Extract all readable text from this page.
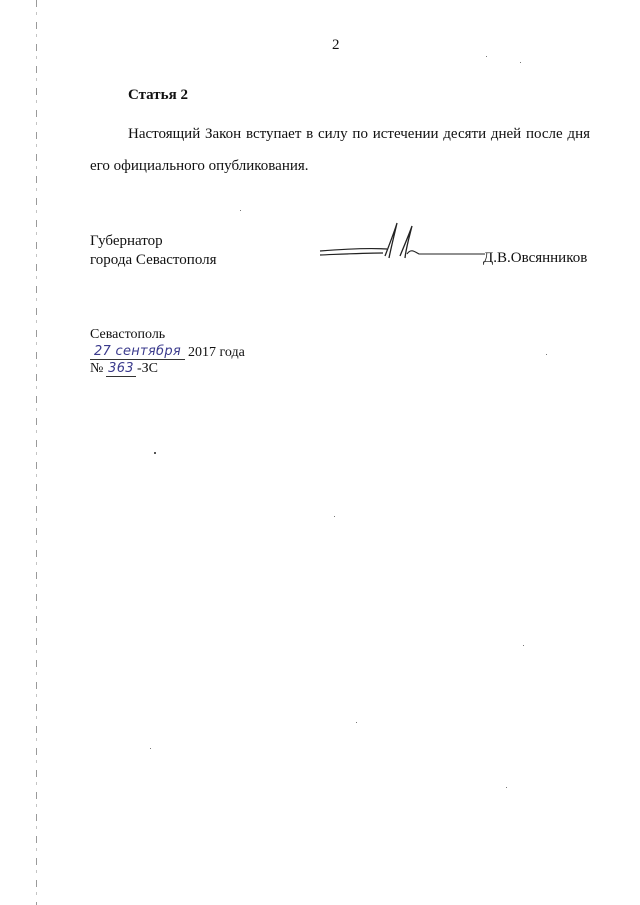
2
Статья 2
Настоящий Закон вступает в силу по истечении десяти дней после дня его официального опубликования.
Губернатор
города Севастополя	Д.В.Овсянников
Севастополь
27 сентября 2017 года
№ 363 -ЗС
